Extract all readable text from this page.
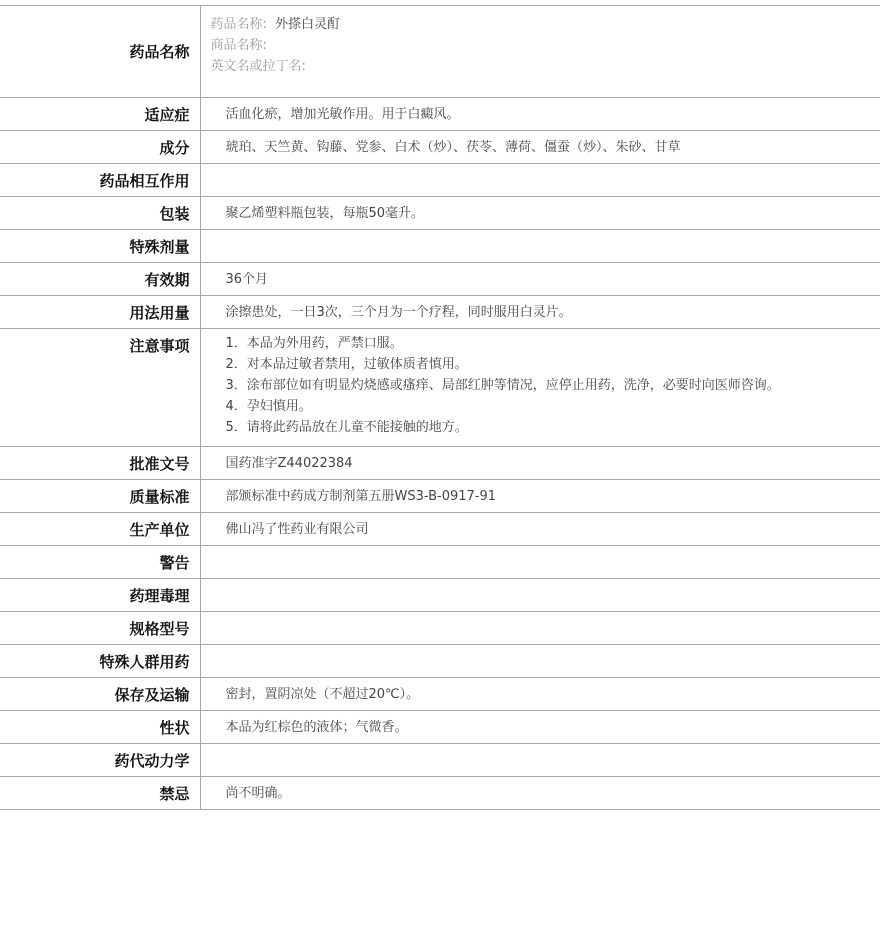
药品名称	药品名称: 外搽白灵酊
商品名称:
英文名或拉丁名:

适应症	活血化瘀，增加光敏作用。用于白癜风。
成分	琥珀、天竺黄、钩藤、党参、白术（炒）、茯苓、薄荷、僵蚕（炒）、朱砂、甘草
药品相互作用	
包装	聚乙烯塑料瓶包装，每瓶50毫升。
特殊剂量	
有效期	36个月
用法用量	涂擦患处，一日3次，三个月为一个疗程，同时服用白灵片。
注意事项	1．本品为外用药，严禁口服。
2．对本品过敏者禁用，过敏体质者慎用。
3．涂布部位如有明显灼烧感或瘙痒、局部红肿等情况，应停止用药，洗净，必要时向医师咨询。
4．孕妇慎用。
5．请将此药品放在儿童不能接触的地方。

批准文号	国药准字Z44022384
质量标准	部颁标准中药成方制剂第五册WS3-B-0917-91
生产单位	佛山冯了性药业有限公司
警告	
药理毒理	
规格型号	
特殊人群用药	
保存及运输	密封，置阴凉处（不超过20℃）。
性状	本品为红棕色的液体；气微香。
药代动力学	
禁忌	尚不明确。
